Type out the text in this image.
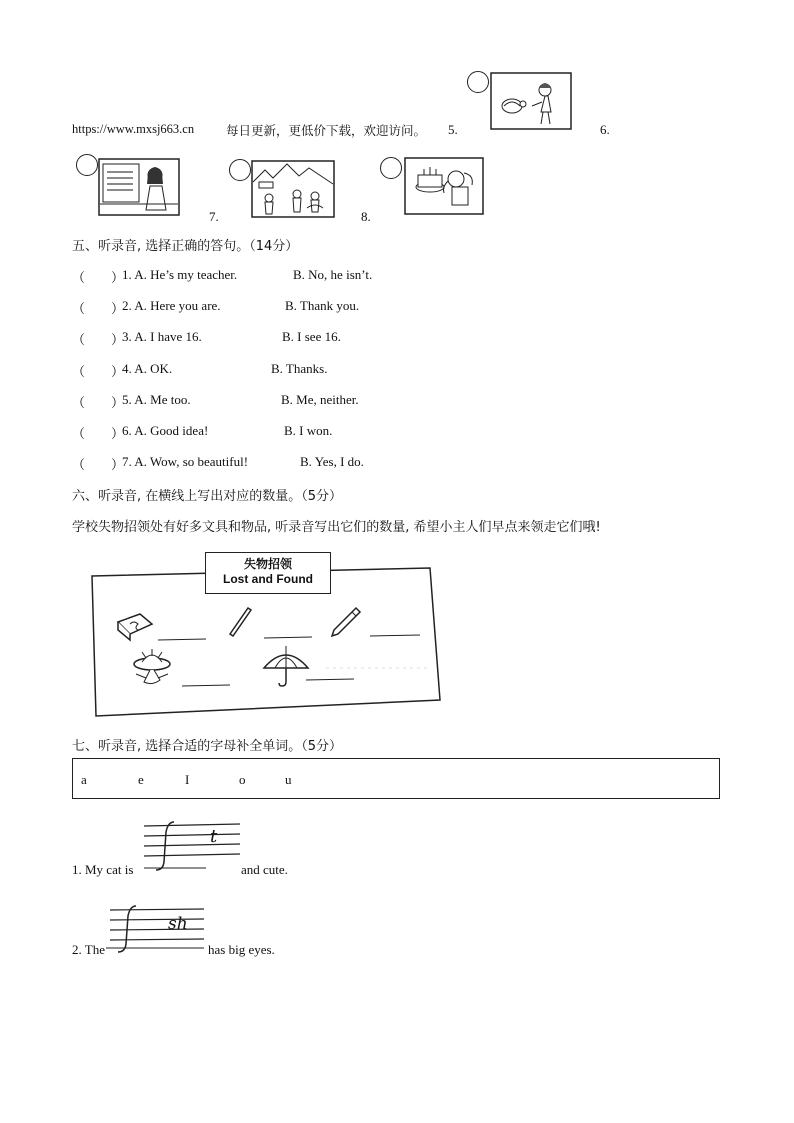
https://www.mxsj663.cn	每日更新，更低价下载，欢迎访问。 5.	6.
7.	8.
五、听录音, 选择正确的答句。（14分）
（　　）
1. A. He’s my teacher.	B. No, he isn’t.
（　　）
2. A. Here you are.	B. Thank you.
（　　）
3. A. I have 16.	B. I see 16.
（　　）
4. A. OK.	B. Thanks.
（　　）
5. A. Me too.	B. Me, neither.
（　　）
6. A. Good idea!	B. I won.
（　　）
7. A. Wow, so beautiful!	B. Yes, I do.
六、听录音, 在横线上写出对应的数量。（5分）
学校失物招领处有好多文具和物品, 听录音写出它们的数量, 希望小主人们早点来领走它们哦!
失物招领
Lost and Found
七、听录音, 选择合适的字母补全单词。（5分）
a	e	I	o	u
1. My cat is
t
and cute.
2. The
sh
has big eyes.
